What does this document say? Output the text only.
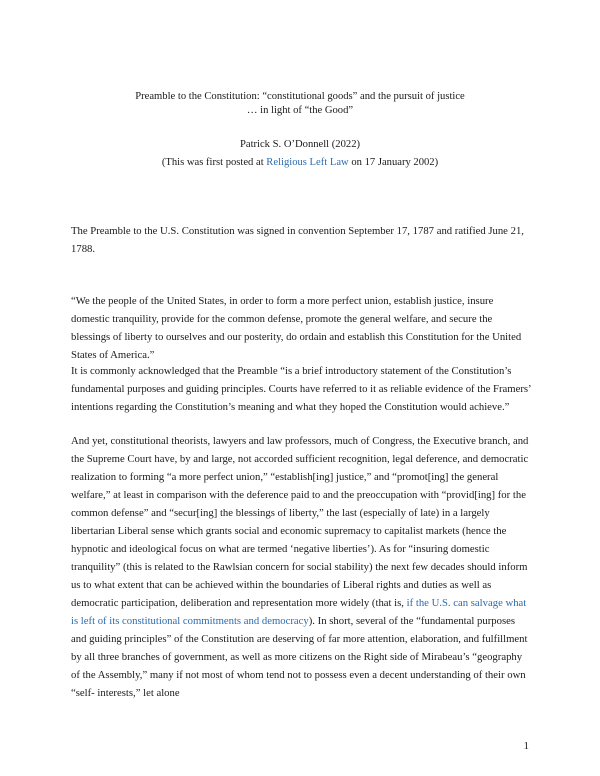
Preamble to the Constitution: “constitutional goods” and the pursuit of justice
… in light of “the Good”
Patrick S. O’Donnell (2022)
(This was first posted at Religious Left Law on 17 January 2002)
The Preamble to the U.S. Constitution was signed in convention September 17, 1787 and ratified June 21, 1788.
“We the people of the United States, in order to form a more perfect union, establish justice, insure domestic tranquility, provide for the common defense, promote the general welfare, and secure the blessings of liberty to ourselves and our posterity, do ordain and establish this Constitution for the United States of America.”
It is commonly acknowledged that the Preamble “is a brief introductory statement of the Constitution’s fundamental purposes and guiding principles. Courts have referred to it as reliable evidence of the Framers’ intentions regarding the Constitution’s meaning and what they hoped the Constitution would achieve.”
And yet, constitutional theorists, lawyers and law professors, much of Congress, the Executive branch, and the Supreme Court have, by and large, not accorded sufficient recognition, legal deference, and democratic realization to forming “a more perfect union,” “establish[ing] justice,” and “promot[ing] the general welfare,” at least in comparison with the deference paid to and the preoccupation with “provid[ing] for the common defense” and “secur[ing] the blessings of liberty,” the last (especially of late) in a largely libertarian Liberal sense which grants social and economic supremacy to capitalist markets (hence the hypnotic and ideological focus on what are termed ‘negative liberties’). As for “insuring domestic tranquility” (this is related to the Rawlsian concern for social stability) the next few decades should inform us to what extent that can be achieved within the boundaries of Liberal rights and duties as well as democratic participation, deliberation and representation more widely (that is, if the U.S. can salvage what is left of its constitutional commitments and democracy). In short, several of the “fundamental purposes and guiding principles” of the Constitution are deserving of far more attention, elaboration, and fulfillment by all three branches of government, as well as more citizens on the Right side of Mirabeau’s “geography of the Assembly,” many if not most of whom tend not to possess even a decent understanding of their own “self- interests,” let alone
1
